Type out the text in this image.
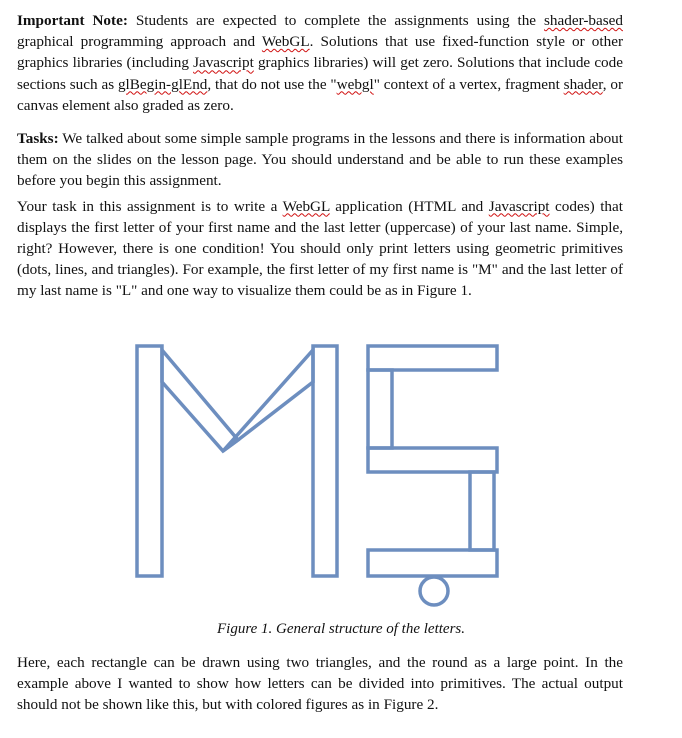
Important Note: Students are expected to complete the assignments using the shader-based graphical programming approach and WebGL. Solutions that use fixed-function style or other graphics libraries (including Javascript graphics libraries) will get zero. Solutions that include code sections such as glBegin-glEnd, that do not use the "webgl" context of a vertex, fragment shader, or canvas element also graded as zero.

Tasks: We talked about some simple sample programs in the lessons and there is information about them on the slides on the lesson page. You should understand and be able to run these examples before you begin this assignment.

Your task in this assignment is to write a WebGL application (HTML and Javascript codes) that displays the first letter of your first name and the last letter (uppercase) of your last name. Simple, right? However, there is one condition! You should only print letters using geometric primitives (dots, lines, and triangles). For example, the first letter of my first name is "M" and the last letter of my last name is "L" and one way to visualize them could be as in Figure 1.

Figure 1. General structure of the letters.

Here, each rectangle can be drawn using two triangles, and the round as a large point. In the example above I wanted to show how letters can be divided into primitives. The actual output should not be shown like this, but with colored figures as in Figure 2.
